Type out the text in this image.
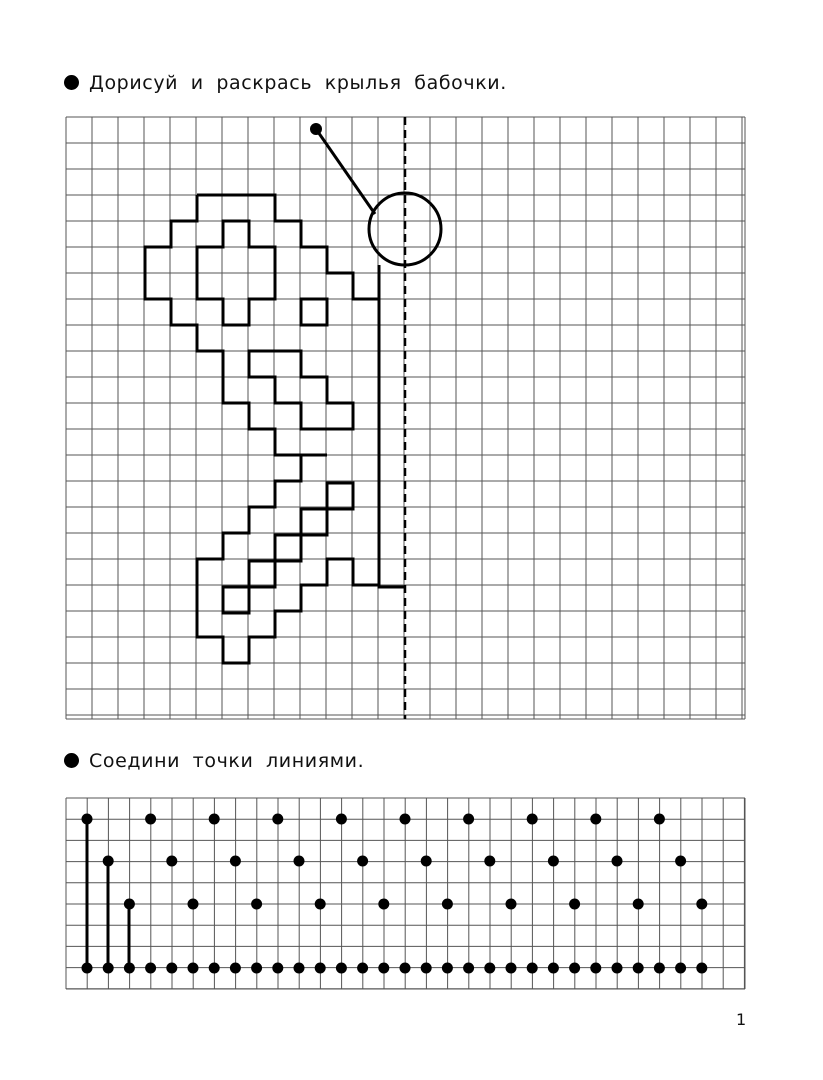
Дорисуй и раскрась крылья бабочки.
Соедини точки линиями.
1
